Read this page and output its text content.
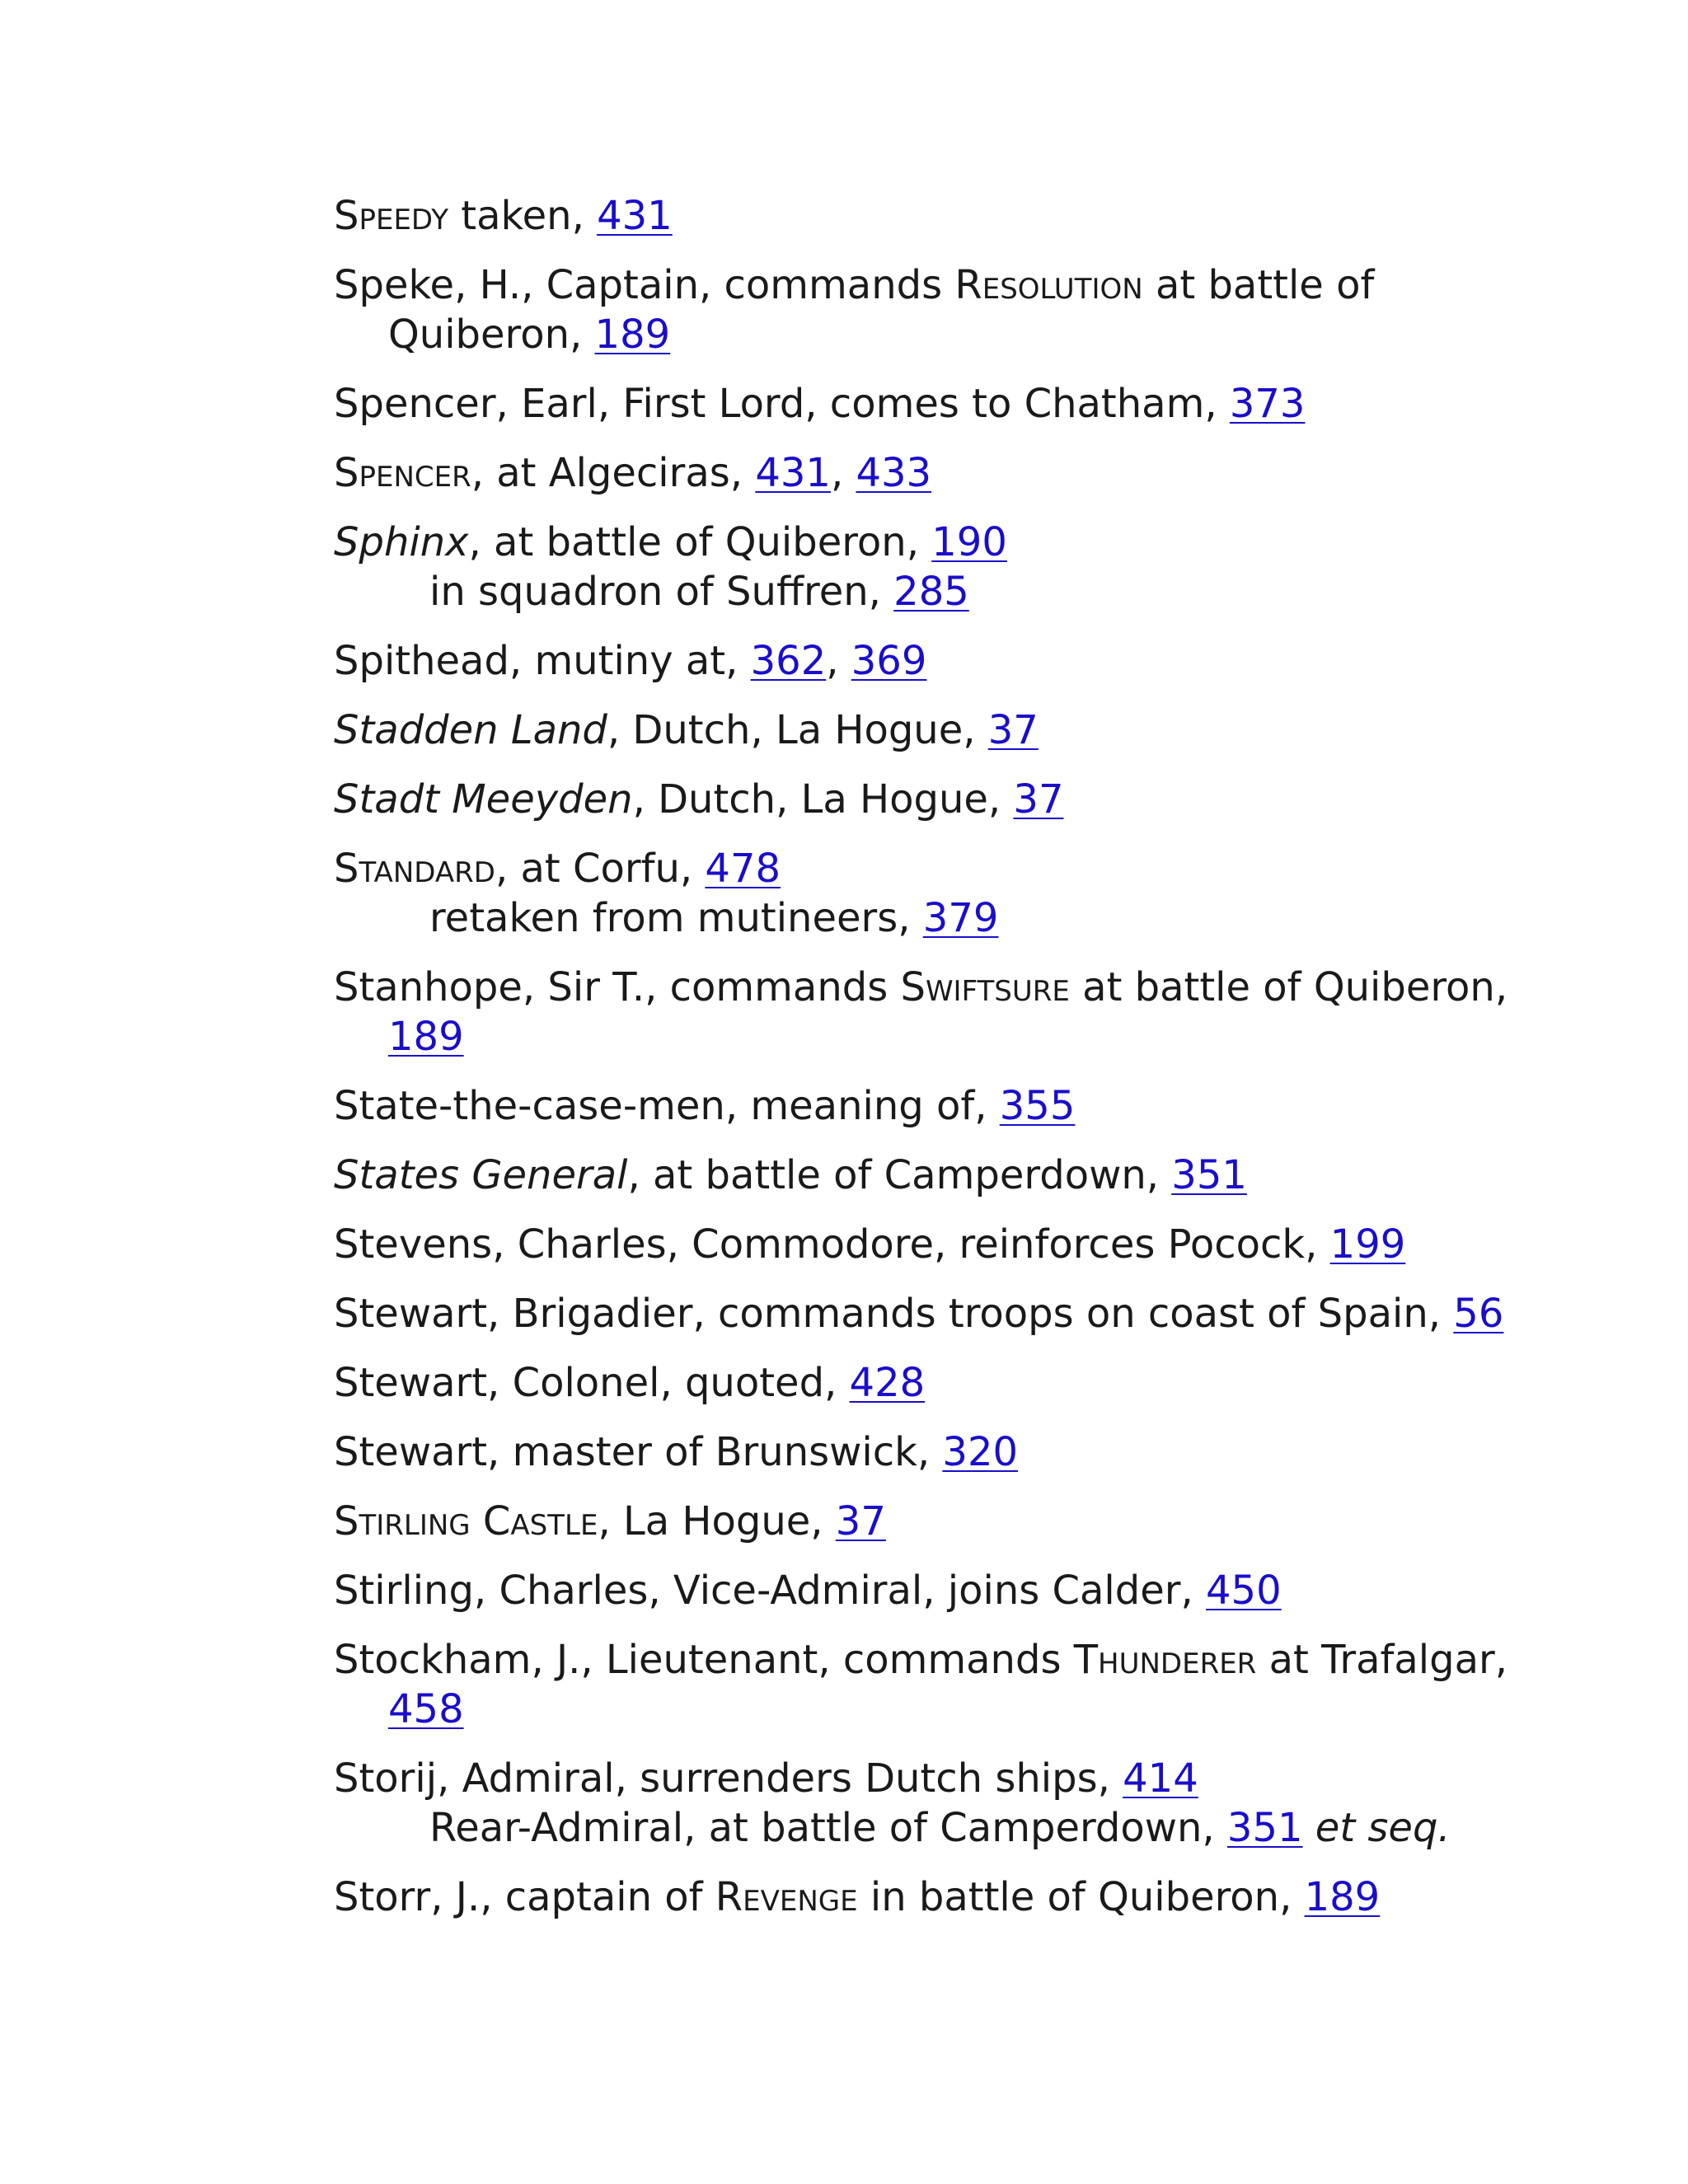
Speedy taken, 431
Speke, H., Captain, commands Resolution at battle of Quiberon, 189
Spencer, Earl, First Lord, comes to Chatham, 373
Spencer, at Algeciras, 431, 433
Sphinx, at battle of Quiberon, 190
in squadron of Suffren, 285
Spithead, mutiny at, 362, 369
Stadden Land, Dutch, La Hogue, 37
Stadt Meeyden, Dutch, La Hogue, 37
Standard, at Corfu, 478
retaken from mutineers, 379
Stanhope, Sir T., commands Swiftsure at battle of Quiberon, 189
State-the-case-men, meaning of, 355
States General, at battle of Camperdown, 351
Stevens, Charles, Commodore, reinforces Pocock, 199
Stewart, Brigadier, commands troops on coast of Spain, 56
Stewart, Colonel, quoted, 428
Stewart, master of Brunswick, 320
Stirling Castle, La Hogue, 37
Stirling, Charles, Vice-Admiral, joins Calder, 450
Stockham, J., Lieutenant, commands Thunderer at Trafalgar, 458
Storij, Admiral, surrenders Dutch ships, 414
Rear-Admiral, at battle of Camperdown, 351 et seq.
Storr, J., captain of Revenge in battle of Quiberon, 189
